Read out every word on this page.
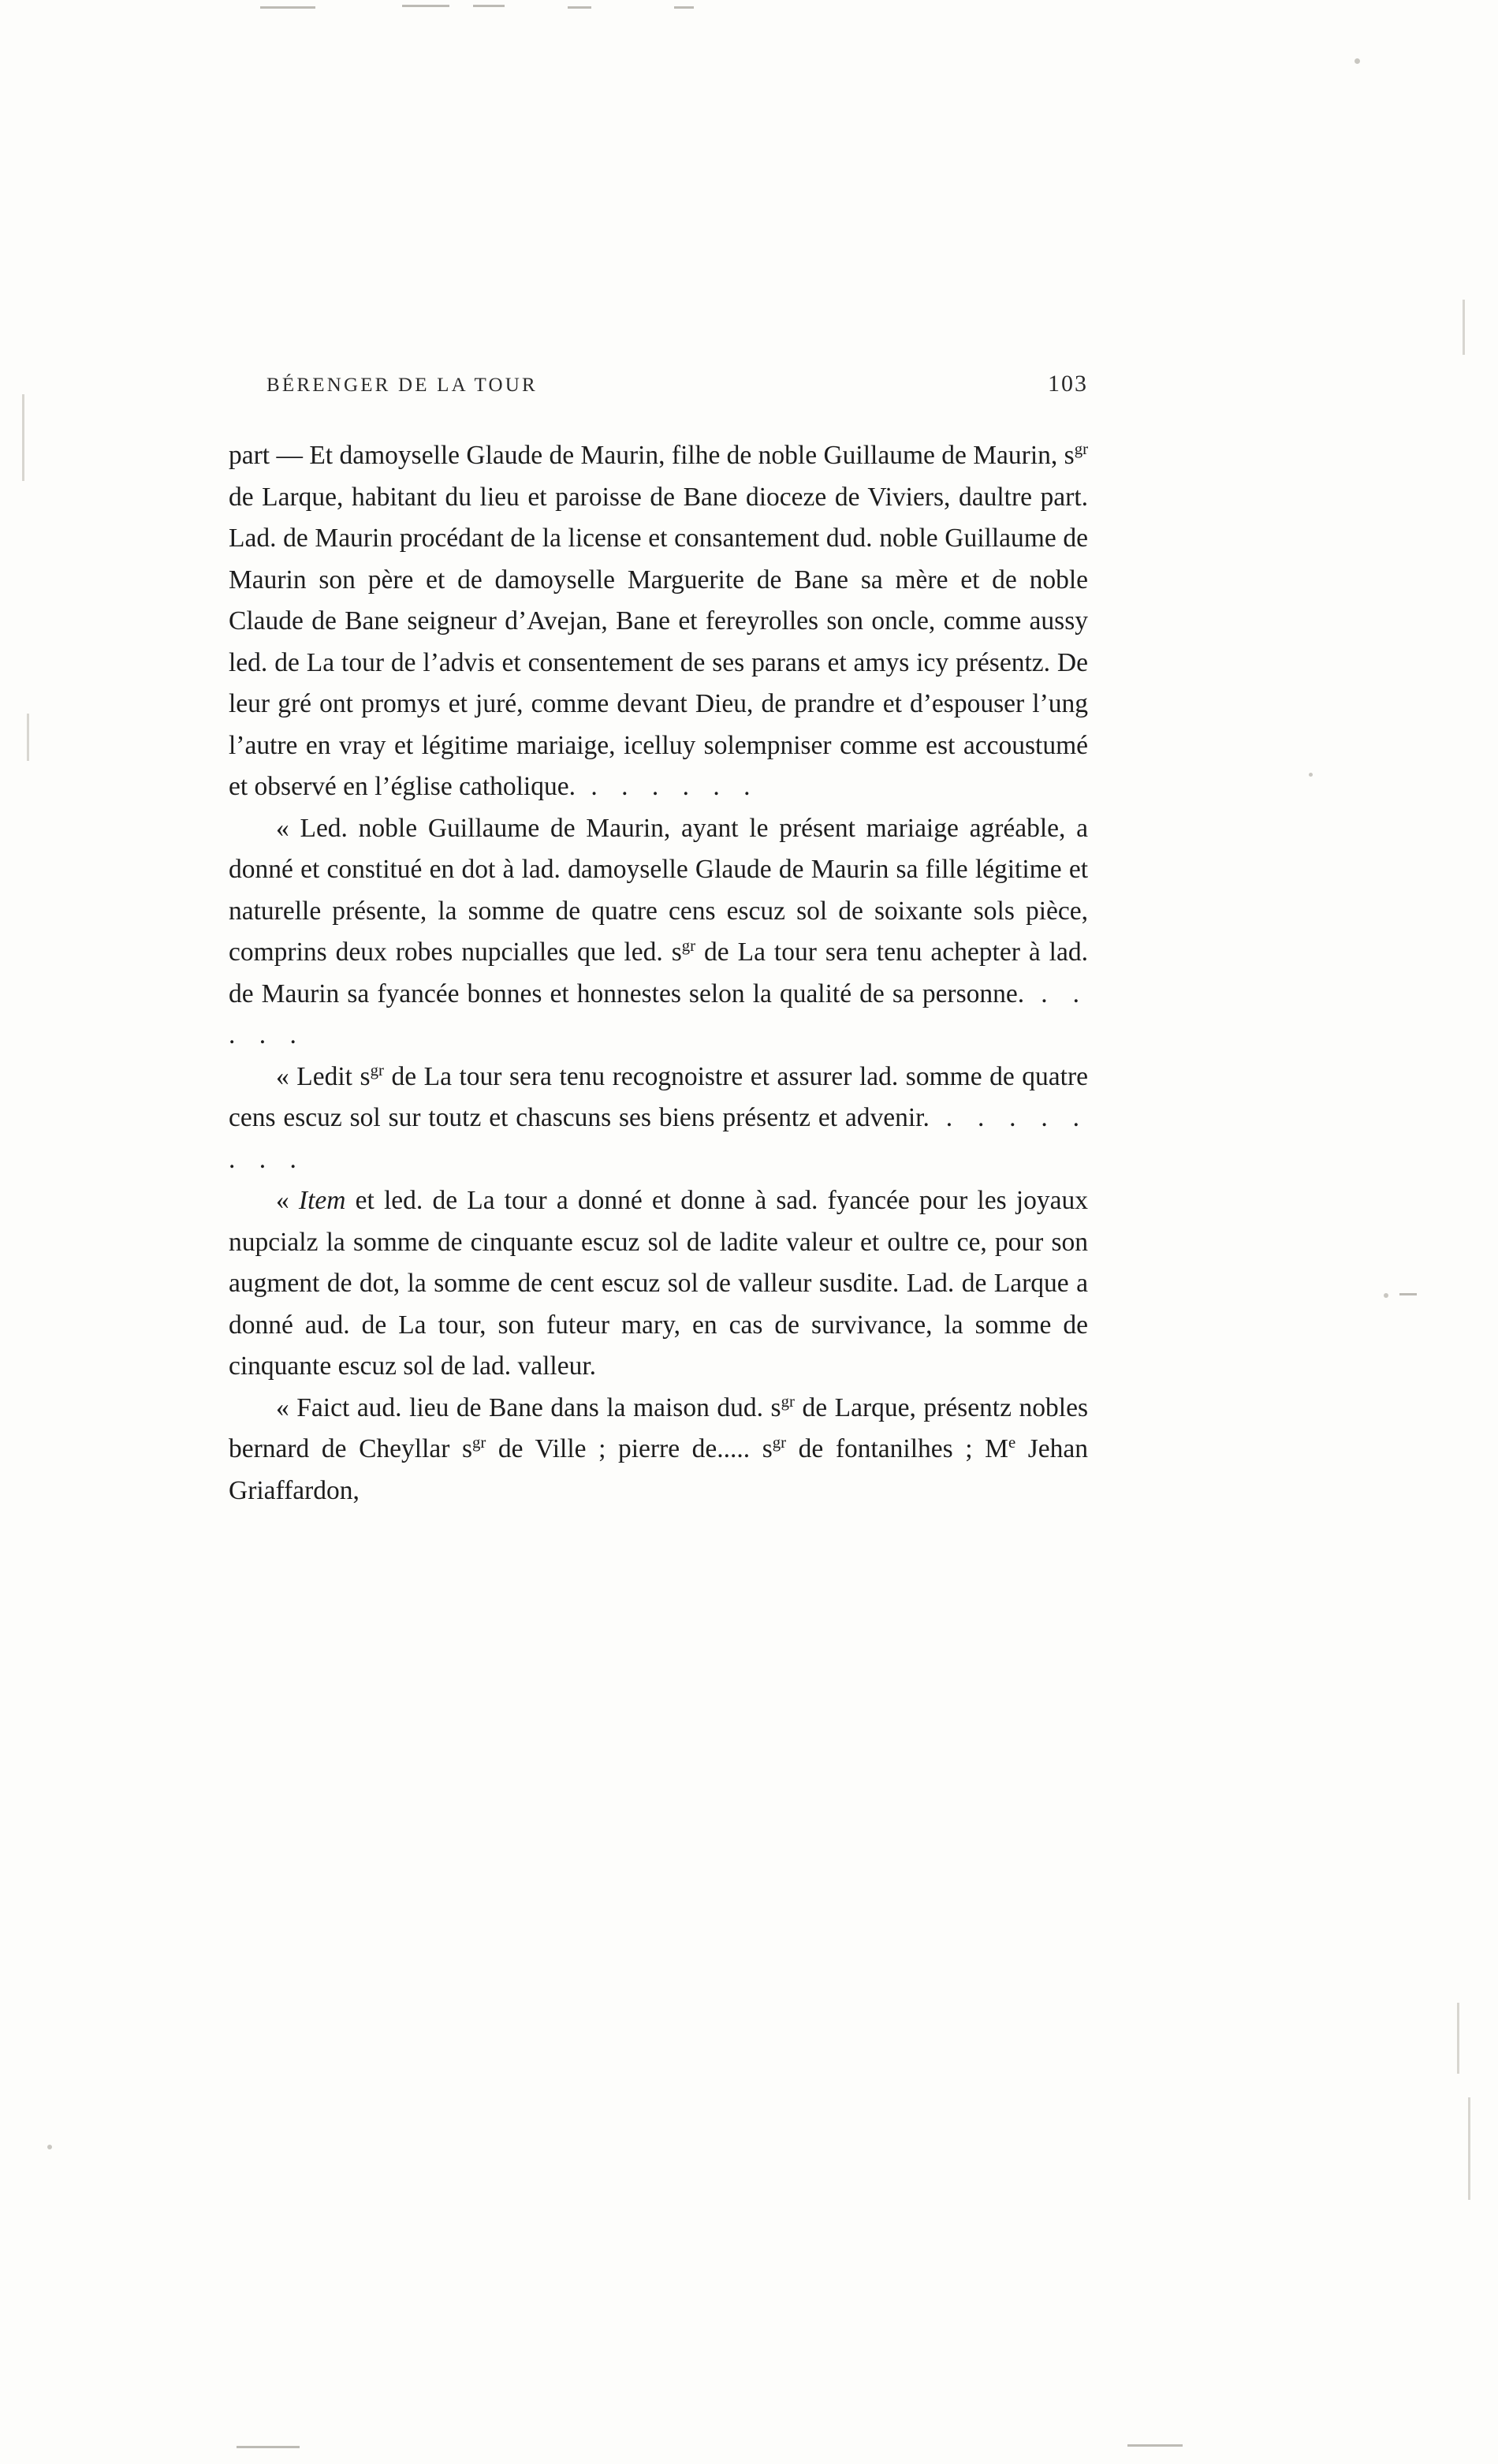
BÉRENGER DE LA TOUR	103

part — Et damoyselle Glaude de Maurin, filhe de noble Guillaume de Maurin, $s^{gr}$ de Larque, habitant du lieu et paroisse de Bane dioceze de Viviers, daultre part. Lad. de Maurin procédant de la license et consantement dud. noble Guillaume de Maurin son père et de damoyselle Marguerite de Bane sa mère et de noble Claude de Bane seigneur d’Avejan, Bane et fereyrolles son oncle, comme aussy led. de La tour de l’advis et consentement de ses parans et amys icy présentz. De leur gré ont promys et juré, comme devant Dieu, de prandre et d’espouser l’ung l’autre en vray et légitime mariaige, icelluy solempniser comme est accoustumé et observé en l’église catholique. . . . . . .

« Led. noble Guillaume de Maurin, ayant le présent mariaige agréable, a donné et constitué en dot à lad. damoyselle Glaude de Maurin sa fille légitime et naturelle présente, la somme de quatre cens escuz sol de soixante sols pièce, comprins deux robes nupcialles que led. $s^{gr}$ de La tour sera tenu achepter à lad. de Maurin sa fyancée bonnes et honnestes selon la qualité de sa personne. . . . . .

« Ledit $s^{gr}$ de La tour sera tenu recognoistre et assurer lad. somme de quatre cens escuz sol sur toutz et chascuns ses biens présentz et advenir. . . . . . . . .

« Item et led. de La tour a donné et donne à sad. fyancée pour les joyaux nupcialz la somme de cinquante escuz sol de ladite valeur et oultre ce, pour son augment de dot, la somme de cent escuz sol de valleur susdite. Lad. de Larque a donné aud. de La tour, son futeur mary, en cas de survivance, la somme de cinquante escuz sol de lad. valleur.

« Faict aud. lieu de Bane dans la maison dud. $s^{gr}$ de Larque, présentz nobles bernard de Cheyllar $s^{gr}$ de Ville ; pierre de..... $s^{gr}$ de fontanilhes ; Me Jehan Griaffardon,
